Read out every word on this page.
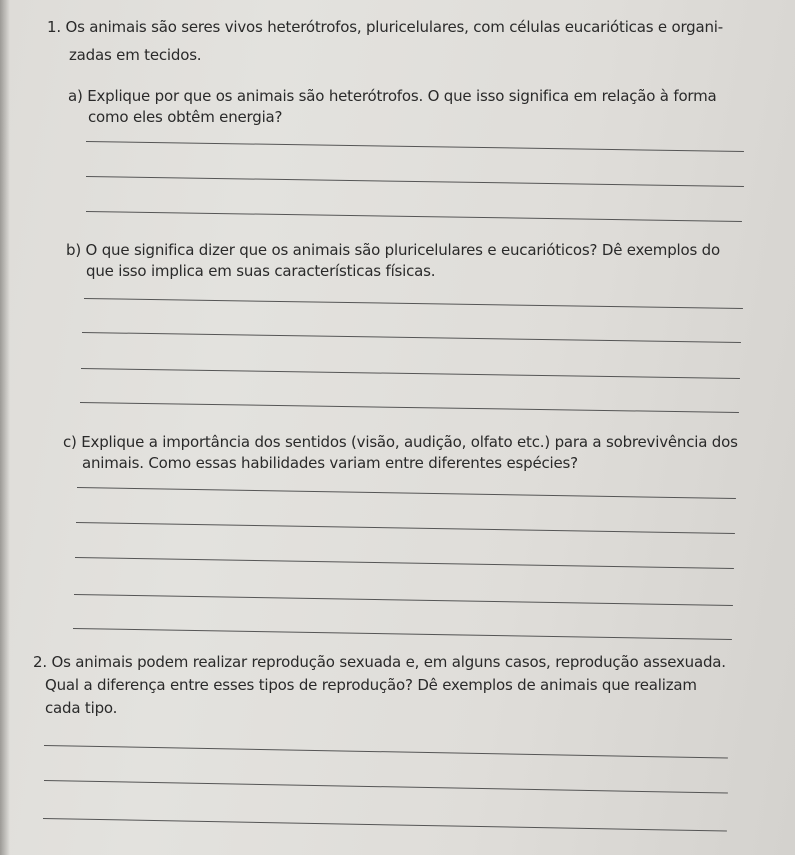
1. Os animais são seres vivos heterótrofos, pluricelulares, com células eucarióticas e organi-

zadas em tecidos.

a) Explique por que os animais são heterótrofos. O que isso significa em relação à forma

como eles obtêm energia?

b) O que significa dizer que os animais são pluricelulares e eucarióticos? Dê exemplos do

que isso implica em suas características físicas.

c) Explique a importância dos sentidos (visão, audição, olfato etc.) para a sobrevivência dos

animais. Como essas habilidades variam entre diferentes espécies?

2. Os animais podem realizar reprodução sexuada e, em alguns casos, reprodução assexuada.

Qual a diferença entre esses tipos de reprodução? Dê exemplos de animais que realizam

cada tipo.
